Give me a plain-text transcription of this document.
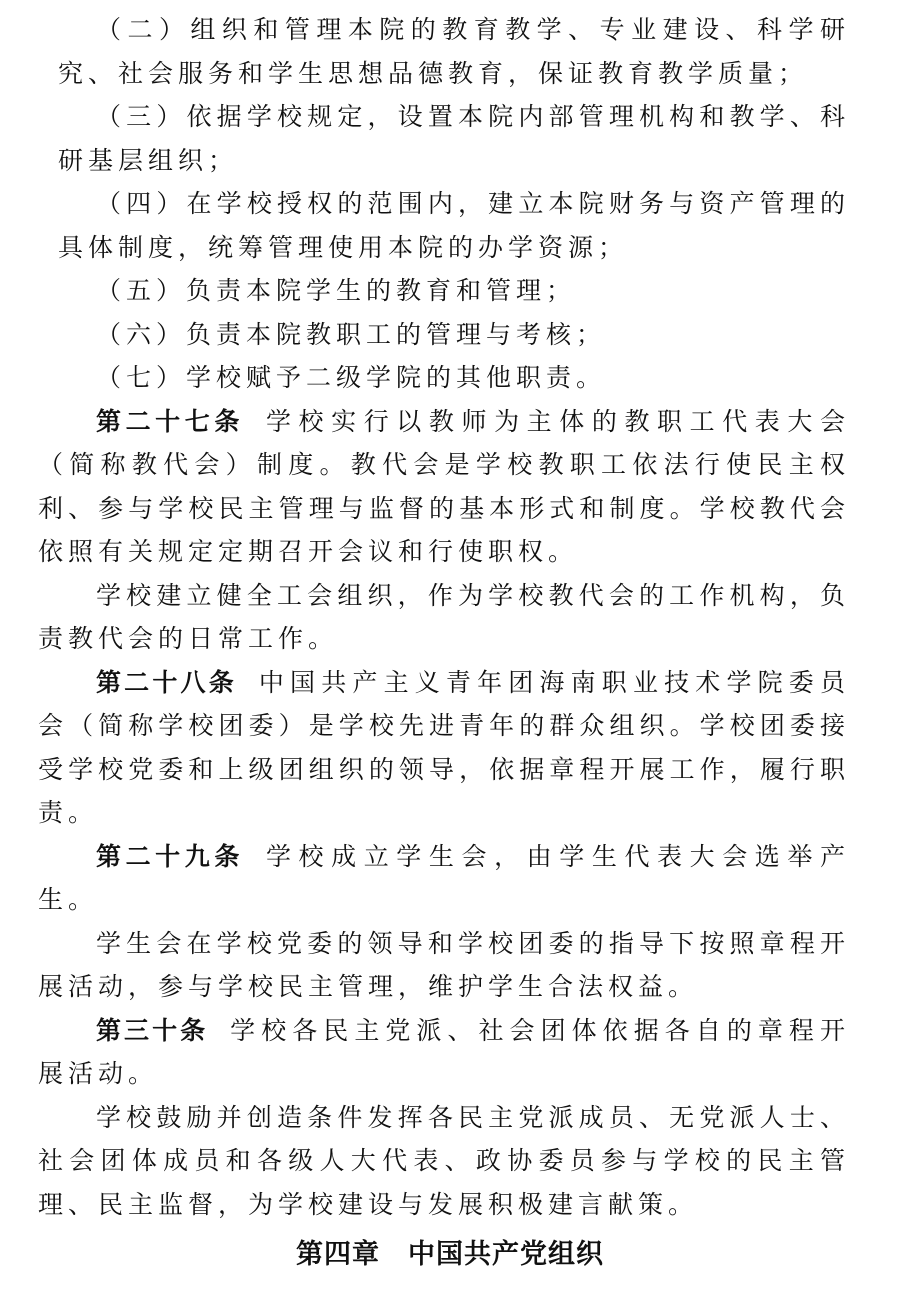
（二）组织和管理本院的教育教学、专业建设、科学研究、社会服务和学生思想品德教育，保证教育教学质量；

（三）依据学校规定，设置本院内部管理机构和教学、科研基层组织；

（四）在学校授权的范围内，建立本院财务与资产管理的具体制度，统筹管理使用本院的办学资源；

（五）负责本院学生的教育和管理；

（六）负责本院教职工的管理与考核；

（七）学校赋予二级学院的其他职责。

第二十七条 学校实行以教师为主体的教职工代表大会（简称教代会）制度。教代会是学校教职工依法行使民主权利、参与学校民主管理与监督的基本形式和制度。学校教代会依照有关规定定期召开会议和行使职权。

学校建立健全工会组织，作为学校教代会的工作机构，负责教代会的日常工作。

第二十八条 中国共产主义青年团海南职业技术学院委员会（简称学校团委）是学校先进青年的群众组织。学校团委接受学校党委和上级团组织的领导，依据章程开展工作，履行职责。

第二十九条 学校成立学生会，由学生代表大会选举产生。

学生会在学校党委的领导和学校团委的指导下按照章程开展活动，参与学校民主管理，维护学生合法权益。

第三十条 学校各民主党派、社会团体依据各自的章程开展活动。

学校鼓励并创造条件发挥各民主党派成员、无党派人士、社会团体成员和各级人大代表、政协委员参与学校的民主管理、民主监督，为学校建设与发展积极建言献策。

第四章 中国共产党组织
